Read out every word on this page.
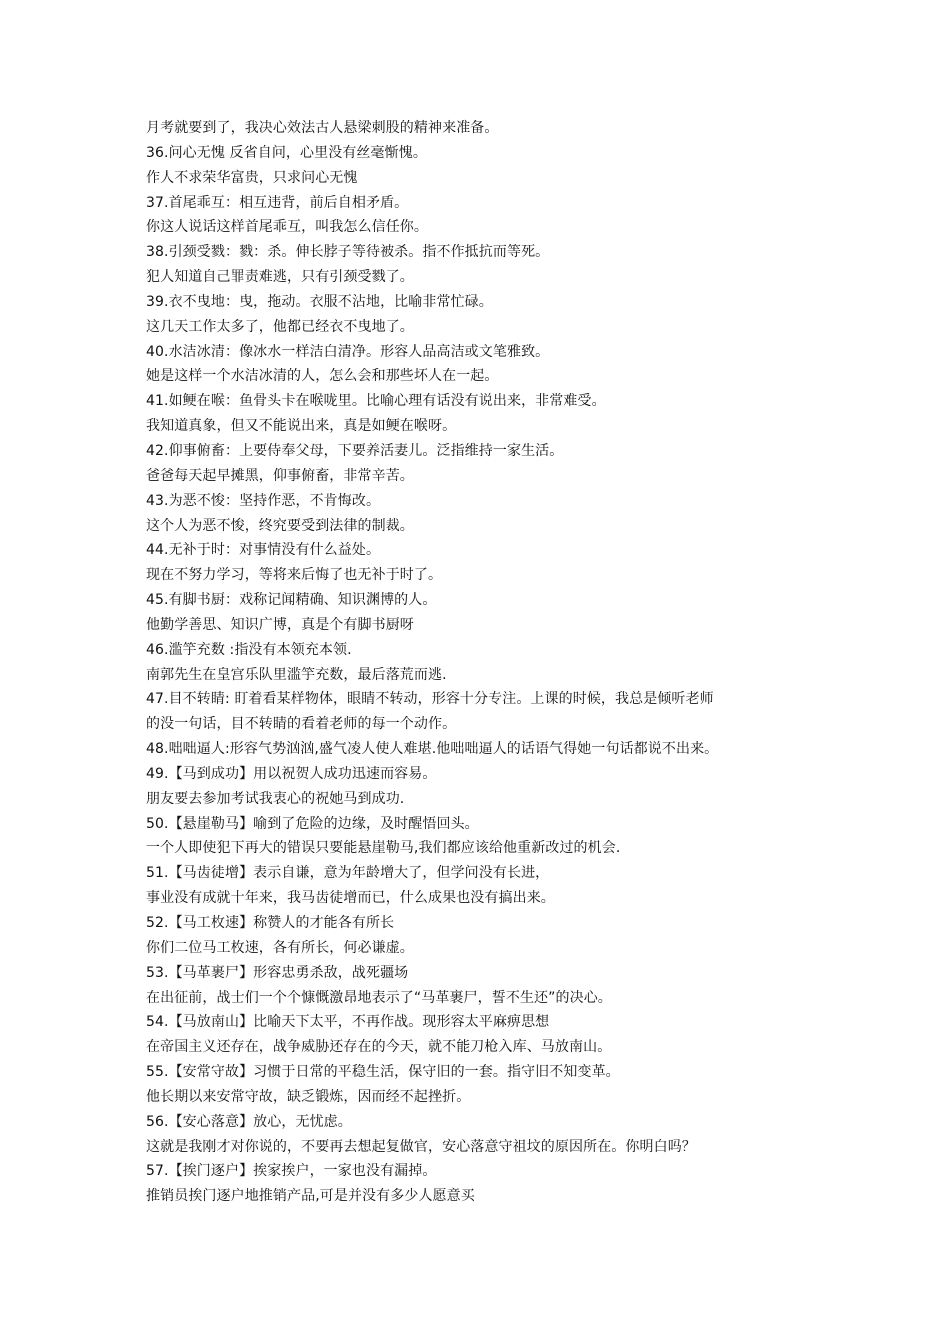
月考就要到了，我决心效法古人悬梁刺股的精神来准备。
36.问心无愧 反省自问，心里没有丝毫惭愧。
作人不求荣华富贵，只求问心无愧
37.首尾乖互：相互违背，前后自相矛盾。
你这人说话这样首尾乖互，叫我怎么信任你。
38.引颈受戮：戮：杀。伸长脖子等待被杀。指不作抵抗而等死。
犯人知道自己罪责难逃，只有引颈受戮了。
39.衣不曳地：曳，拖动。衣服不沾地，比喻非常忙碌。
这几天工作太多了，他都已经衣不曳地了。
40.水洁冰清：像冰水一样洁白清净。形容人品高洁或文笔雅致。
她是这样一个水洁冰清的人，怎么会和那些坏人在一起。
41.如鲠在喉：鱼骨头卡在喉咙里。比喻心理有话没有说出来，非常难受。
我知道真象，但又不能说出来，真是如鲠在喉呀。
42.仰事俯畜：上要侍奉父母，下要养活妻儿。泛指维持一家生活。
爸爸每天起早摊黑，仰事俯畜，非常辛苦。
43.为恶不悛：坚持作恶，不肯悔改。
这个人为恶不悛，终究要受到法律的制裁。
44.无补于时：对事情没有什么益处。
现在不努力学习，等将来后悔了也无补于时了。
45.有脚书厨：戏称记闻精确、知识渊博的人。
他勤学善思、知识广博，真是个有脚书厨呀
46.滥竽充数 :指没有本领充本领.
南郭先生在皇宫乐队里滥竽充数，最后落荒而逃.
47.目不转睛: 盯着看某样物体，眼睛不转动，形容十分专注。上课的时候，我总是倾听老师
的没一句话，目不转睛的看着老师的每一个动作。
48.咄咄逼人:形容气势汹汹,盛气凌人使人难堪.他咄咄逼人的话语气得她一句话都说不出来。
49.【马到成功】用以祝贺人成功迅速而容易。
朋友要去参加考试我衷心的祝她马到成功.
50.【悬崖勒马】喻到了危险的边缘，及时醒悟回头。
一个人即使犯下再大的错误只要能悬崖勒马,我们都应该给他重新改过的机会.
51.【马齿徒增】表示自谦，意为年龄增大了，但学问没有长进，
事业没有成就十年来，我马齿徒增而已，什么成果也没有搞出来。
52.【马工枚速】称赞人的才能各有所长
你们二位马工枚速，各有所长，何必谦虚。
53.【马革裹尸】形容忠勇杀敌，战死疆场
在出征前，战士们一个个慷慨激昂地表示了“马革裹尸，誓不生还”的决心。
54.【马放南山】比喻天下太平，不再作战。现形容太平麻痹思想
在帝国主义还存在，战争威胁还存在的今天，就不能刀枪入库、马放南山。
55.【安常守故】习惯于日常的平稳生活，保守旧的一套。指守旧不知变革。
他长期以来安常守故，缺乏锻炼，因而经不起挫折。
56.【安心落意】放心，无忧虑。
这就是我刚才对你说的，不要再去想起复做官，安心落意守祖坟的原因所在。你明白吗？
57.【挨门逐户】挨家挨户，一家也没有漏掉。
推销员挨门逐户地推销产品,可是并没有多少人愿意买
